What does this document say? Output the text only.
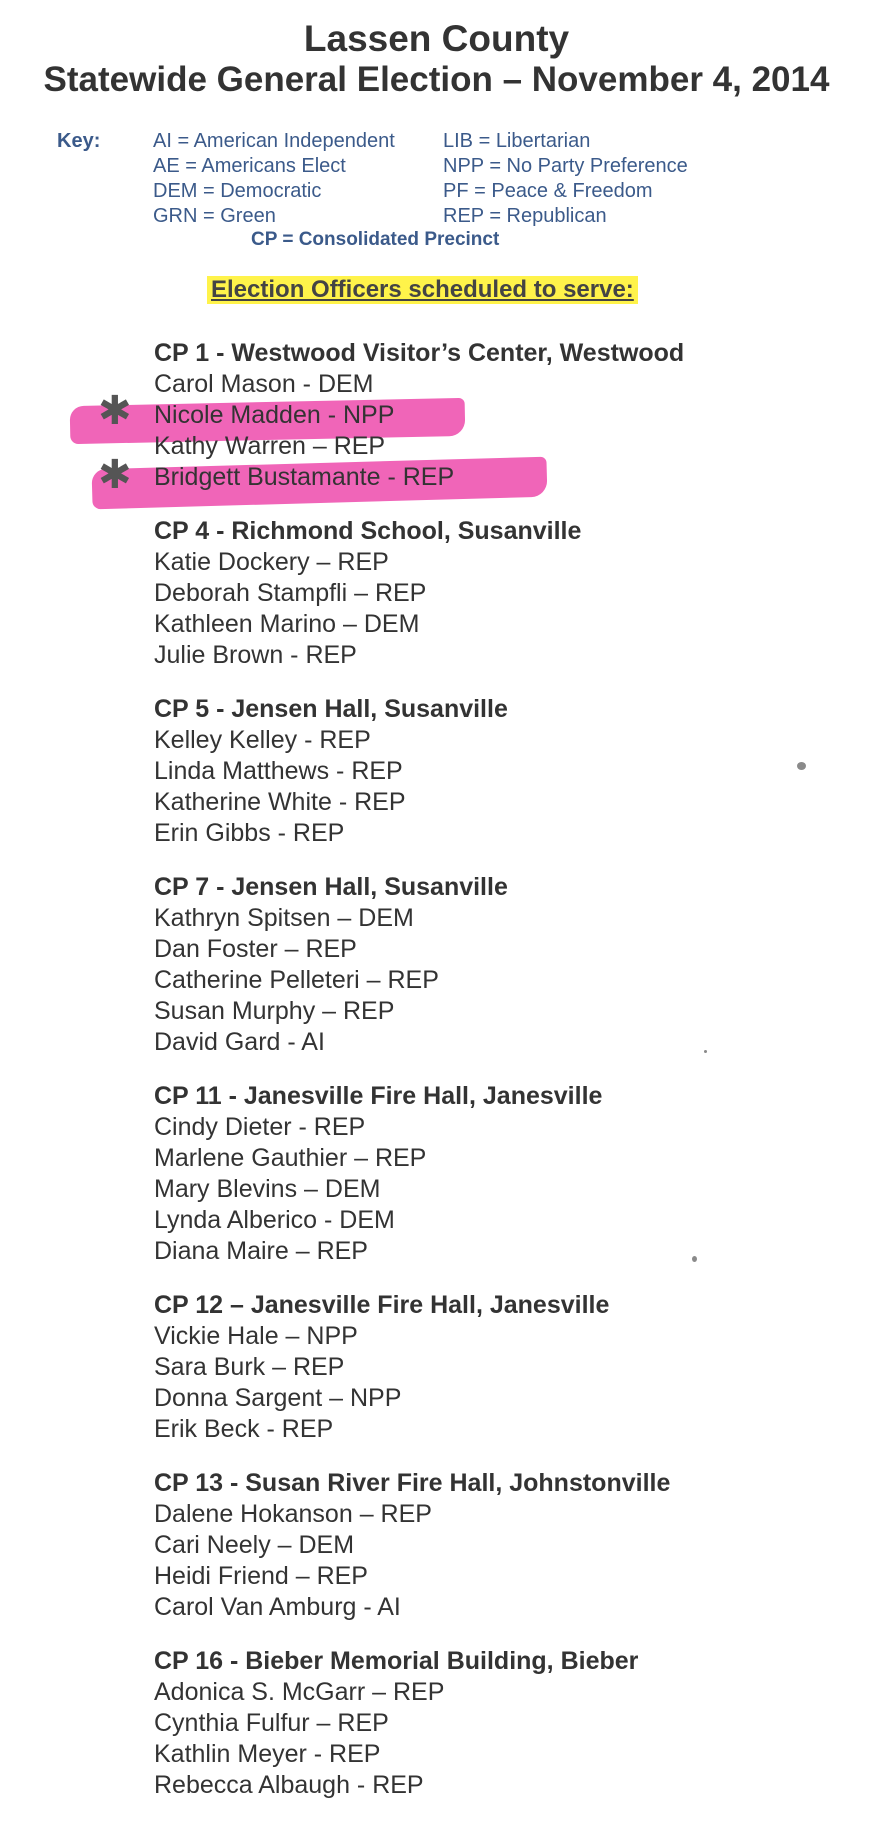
Lassen County
Statewide General Election – November 4, 2014
Key:	AI = American Independent
AE = Americans Elect
DEM = Democratic
GRN = Green
LIB = Libertarian
NPP = No Party Preference
PF = Peace & Freedom
REP = Republican
CP = Consolidated Precinct
Election Officers scheduled to serve:
✱
✱
CP 1 - Westwood Visitor’s Center, Westwood
Carol Mason - DEM
Nicole Madden - NPP
Kathy Warren – REP
Bridgett Bustamante - REP
CP 4 - Richmond School, Susanville
Katie Dockery – REP
Deborah Stampfli – REP
Kathleen Marino – DEM
Julie Brown - REP
CP 5 - Jensen Hall, Susanville
Kelley Kelley - REP
Linda Matthews - REP
Katherine White - REP
Erin Gibbs - REP
CP 7 - Jensen Hall, Susanville
Kathryn Spitsen – DEM
Dan Foster – REP
Catherine Pelleteri – REP
Susan Murphy – REP
David Gard - AI
CP 11 - Janesville Fire Hall, Janesville
Cindy Dieter - REP
Marlene Gauthier – REP
Mary Blevins – DEM
Lynda Alberico - DEM
Diana Maire – REP
CP 12 – Janesville Fire Hall, Janesville
Vickie Hale – NPP
Sara Burk – REP
Donna Sargent – NPP
Erik Beck - REP
CP 13 - Susan River Fire Hall, Johnstonville
Dalene Hokanson – REP
Cari Neely – DEM
Heidi Friend – REP
Carol Van Amburg - AI
CP 16 - Bieber Memorial Building, Bieber
Adonica S. McGarr – REP
Cynthia Fulfur – REP
Kathlin Meyer - REP
Rebecca Albaugh - REP
